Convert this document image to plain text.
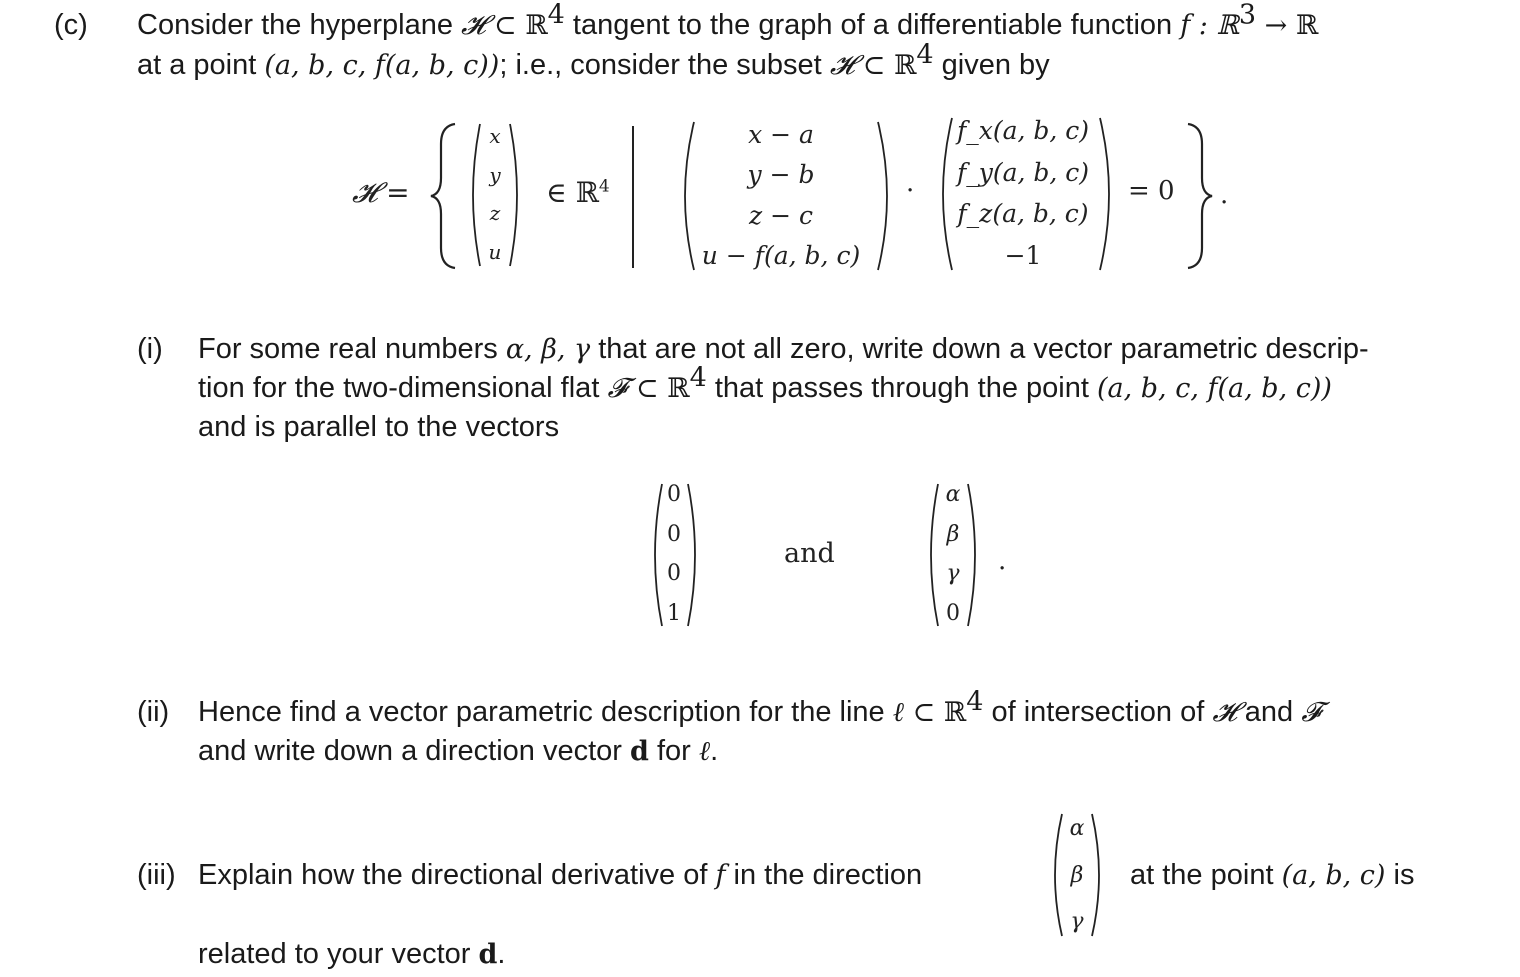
(c) Consider the hyperplane 𝓗 ⊂ ℝ$^4$ tangent to the graph of a differentiable function f : ℝ$^3$ → ℝ
at a point (a, b, c, f(a, b, c)); i.e., consider the subset 𝓗 ⊂ ℝ$^4$ given by
𝓗 =
x
y
z
u
∈ ℝ$^4$
x − a
y − b
z − c
u − f(a, b, c)
·
f_x(a, b, c)
f_y(a, b, c)
f_z(a, b, c)
−1
= 0 .
(i) For some real numbers α, β, γ that are not all zero, write down a vector parametric descrip-
tion for the two-dimensional flat 𝓕 ⊂ ℝ$^4$ that passes through the point (a, b, c, f(a, b, c))
and is parallel to the vectors
0
0
0
1
and
α
β
γ
0
.
(ii) Hence find a vector parametric description for the line ℓ ⊂ ℝ$^4$ of intersection of 𝓗 and 𝓕
and write down a direction vector d for ℓ.
(iii) Explain how the directional derivative of f in the direction
α
β
γ
at the point (a, b, c) is
related to your vector d.
